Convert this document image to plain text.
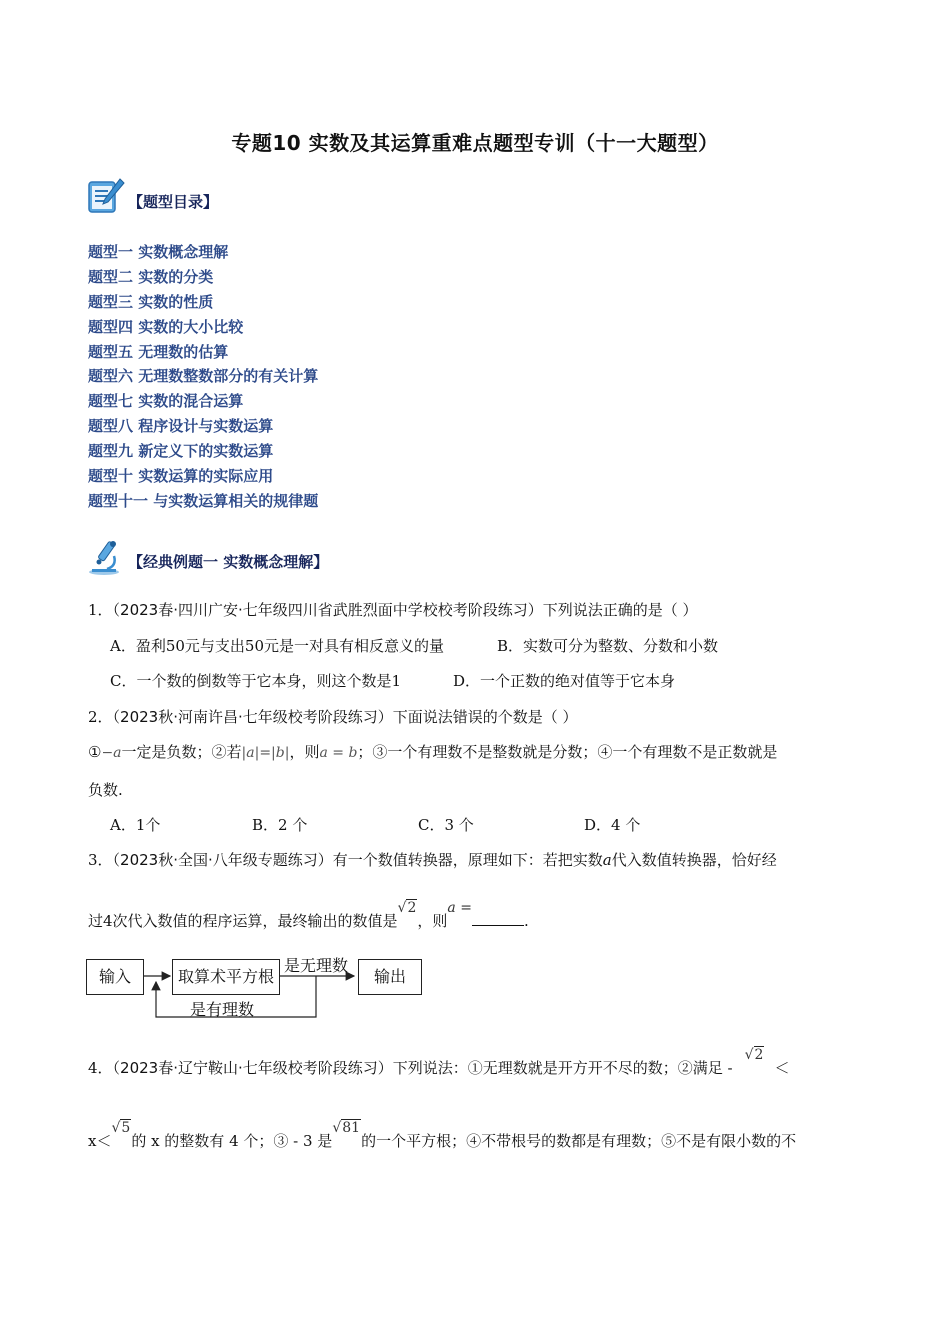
专题10 实数及其运算重难点题型专训（十一大题型）
【题型目录】
题型一 实数概念理解
题型二 实数的分类
题型三 实数的性质
题型四 实数的大小比较
题型五 无理数的估算
题型六 无理数整数部分的有关计算
题型七 实数的混合运算
题型八 程序设计与实数运算
题型九 新定义下的实数运算
题型十 实数运算的实际应用
题型十一 与实数运算相关的规律题
【经典例题一 实数概念理解】
1．（2023春·四川广安·七年级四川省武胜烈面中学校校考阶段练习）下列说法正确的是（ ）
A．盈利50元与支出50元是一对具有相反意义的量	B．实数可分为整数、分数和小数
C．一个数的倒数等于它本身，则这个数是1	D．一个正数的绝对值等于它本身
2．（2023秋·河南许昌·七年级校考阶段练习）下面说法错误的个数是（ ）
①−a一定是负数；②若|a|=|b|，则a = b；③一个有理数不是整数就是分数；④一个有理数不是正数就是
负数.
A．1个	B．2 个	C．3 个	D．4 个
3．（2023秋·全国·八年级专题练习）有一个数值转换器，原理如下：若把实数a代入数值转换器，恰好经
过4次代入数值的程序运算，最终输出的数值是√2，则a =.
输入	取算术平方根	输出
是无理数
是有理数
4．（2023春·辽宁鞍山·七年级校考阶段练习）下列说法：①无理数就是开方开不尽的数；②满足 -√2＜
x＜√5的 x 的整数有 4 个；③ - 3 是√81的一个平方根；④不带根号的数都是有理数；⑤不是有限小数的不
